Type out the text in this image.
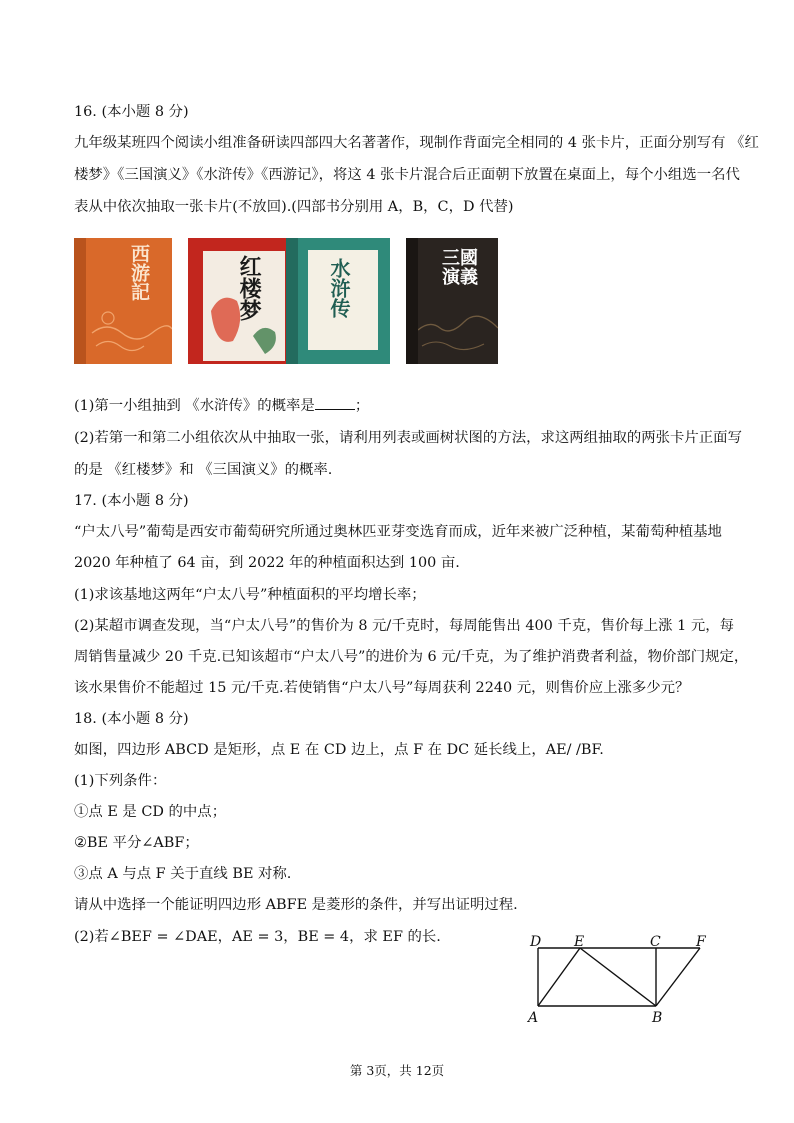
16. (本小题 8 分)
九年级某班四个阅读小组准备研读四部四大名著著作，现制作背面完全相同的 4 张卡片，正面分别写有 《红
楼梦》《三国演义》《水浒传》《西游记》，将这 4 张卡片混合后正面朝下放置在桌面上，每个小组选一名代
表从中依次抽取一张卡片(不放回).(四部书分别用 A，B，C，D 代替)
西游記	红楼梦	水浒传	三國演義
(1)第一小组抽到 《水浒传》的概率是	；
(2)若第一和第二小组依次从中抽取一张，请利用列表或画树状图的方法，求这两组抽取的两张卡片正面写
的是 《红楼梦》和 《三国演义》的概率.
17. (本小题 8 分)
“户太八号”葡萄是西安市葡萄研究所通过奥林匹亚芽变选育而成，近年来被广泛种植，某葡萄种植基地
2020 年种植了 64 亩，到 2022 年的种植面积达到 100 亩.
(1)求该基地这两年“户太八号”种植面积的平均增长率；
(2)某超市调查发现，当“户太八号”的售价为 8 元/千克时，每周能售出 400 千克，售价每上涨 1 元，每
周销售量减少 20 千克.已知该超市“户太八号”的进价为 6 元/千克，为了维护消费者利益，物价部门规定，
该水果售价不能超过 15 元/千克.若使销售“户太八号”每周获利 2240 元，则售价应上涨多少元？
18. (本小题 8 分)
如图，四边形 ABCD 是矩形，点 E 在 CD 边上，点 F 在 DC 延长线上，AE/ /BF.
(1)下列条件：
①点 E 是 CD 的中点；
②BE 平分∠ABF；
③点 A 与点 F 关于直线 BE 对称.
请从中选择一个能证明四边形 ABFE 是菱形的条件，并写出证明过程.
(2)若∠BEF = ∠DAE，AE = 3，BE = 4，求 EF 的长.	D E	C	F
A	B
第 3页，共 12页
